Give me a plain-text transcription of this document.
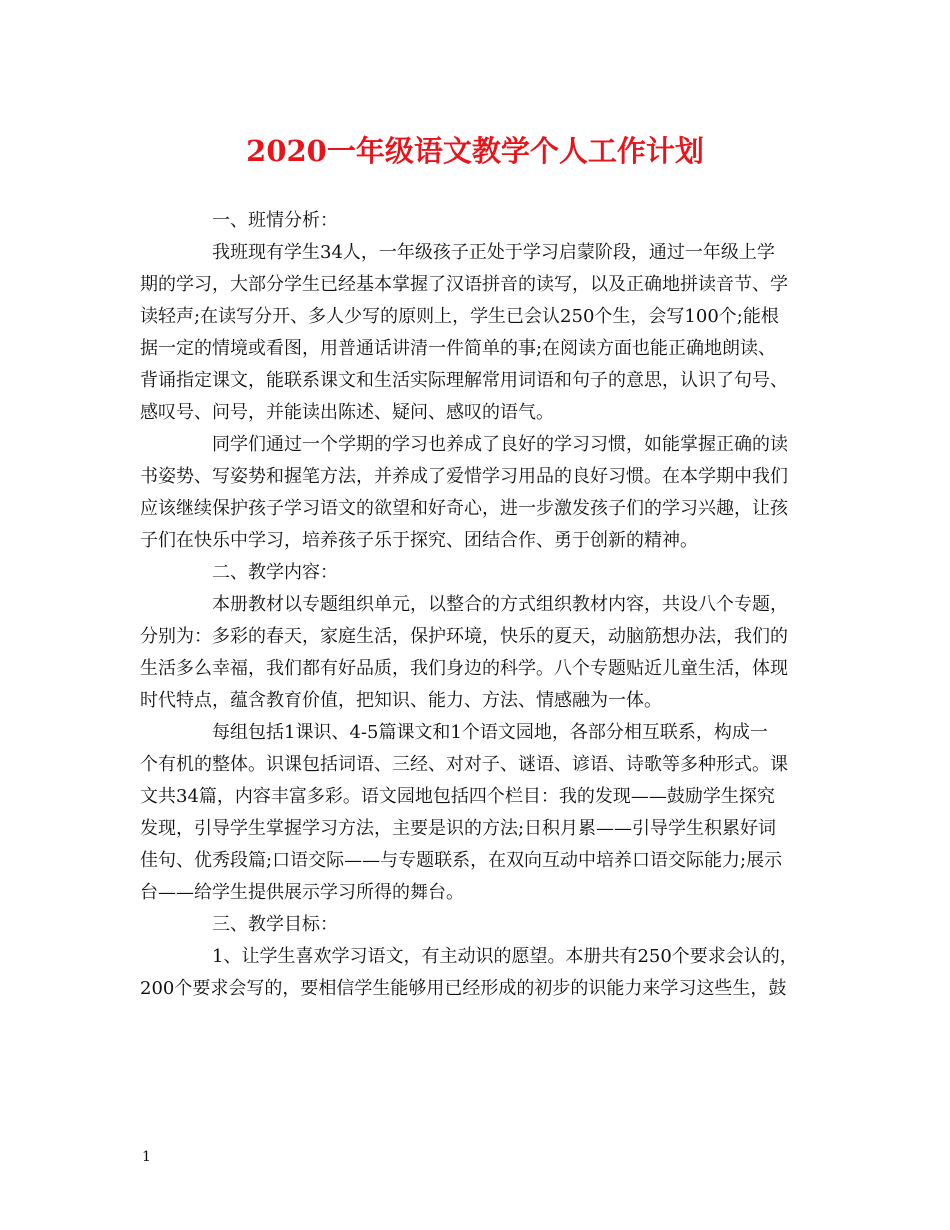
2020一年级语文教学个人工作计划

一、班情分析：

我班现有学生34人，一年级孩子正处于学习启蒙阶段，通过一年级上学

期的学习，大部分学生已经基本掌握了汉语拼音的读写，以及正确地拼读音节、学

读轻声;在读写分开、多人少写的原则上，学生已会认250个生，会写100个;能根

据一定的情境或看图，用普通话讲清一件简单的事;在阅读方面也能正确地朗读、

背诵指定课文，能联系课文和生活实际理解常用词语和句子的意思，认识了句号、

感叹号、问号，并能读出陈述、疑问、感叹的语气。

同学们通过一个学期的学习也养成了良好的学习习惯，如能掌握正确的读

书姿势、写姿势和握笔方法，并养成了爱惜学习用品的良好习惯。在本学期中我们

应该继续保护孩子学习语文的欲望和好奇心，进一步激发孩子们的学习兴趣，让孩

子们在快乐中学习，培养孩子乐于探究、团结合作、勇于创新的精神。

二、教学内容：

本册教材以专题组织单元，以整合的方式组织教材内容，共设八个专题，

分别为：多彩的春天，家庭生活，保护环境，快乐的夏天，动脑筋想办法，我们的

生活多么幸福，我们都有好品质，我们身边的科学。八个专题贴近儿童生活，体现

时代特点，蕴含教育价值，把知识、能力、方法、情感融为一体。

每组包括1课识、4-5篇课文和1个语文园地，各部分相互联系，构成一

个有机的整体。识课包括词语、三经、对对子、谜语、谚语、诗歌等多种形式。课

文共34篇，内容丰富多彩。语文园地包括四个栏目：我的发现——鼓励学生探究

发现，引导学生掌握学习方法，主要是识的方法;日积月累——引导学生积累好词

佳句、优秀段篇;口语交际——与专题联系，在双向互动中培养口语交际能力;展示

台——给学生提供展示学习所得的舞台。

三、教学目标：

1、让学生喜欢学习语文，有主动识的愿望。本册共有250个要求会认的，

200个要求会写的，要相信学生能够用已经形成的初步的识能力来学习这些生，鼓

1
